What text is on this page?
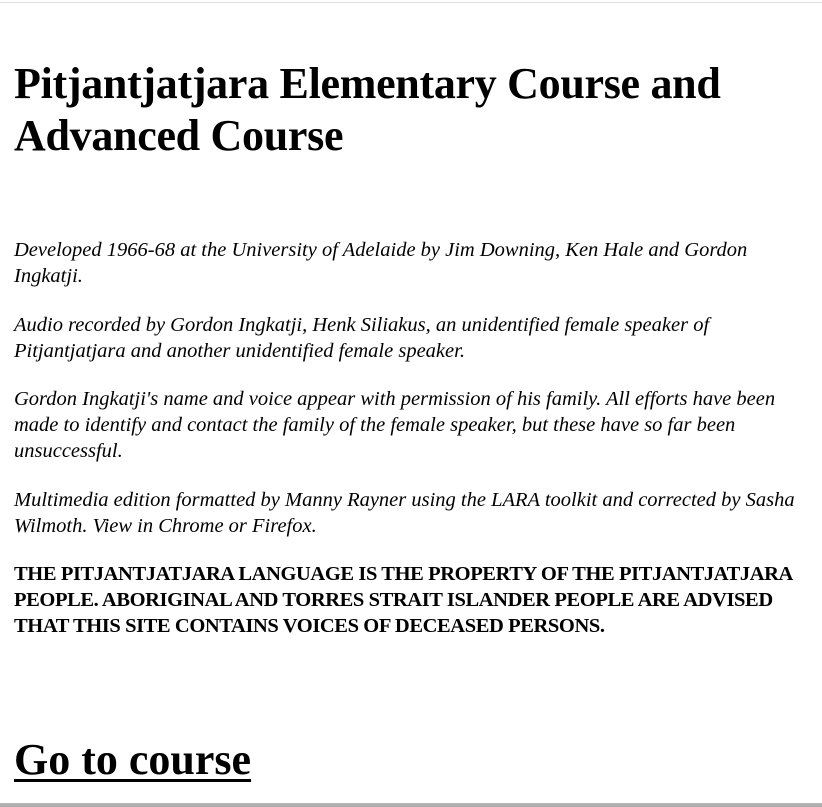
Pitjantjatjara Elementary Course and Advanced Course

Developed 1966-68 at the University of Adelaide by Jim Downing, Ken Hale and Gordon Ingkatji.

Audio recorded by Gordon Ingkatji, Henk Siliakus, an unidentified female speaker of Pitjantjatjara and another unidentified female speaker.

Gordon Ingkatji's name and voice appear with permission of his family. All efforts have been made to identify and contact the family of the female speaker, but these have so far been unsuccessful.

Multimedia edition formatted by Manny Rayner using the LARA toolkit and corrected by Sasha Wilmoth. View in Chrome or Firefox.

THE PITJANTJATJARA LANGUAGE IS THE PROPERTY OF THE PITJANTJATJARA PEOPLE. ABORIGINAL AND TORRES STRAIT ISLANDER PEOPLE ARE ADVISED THAT THIS SITE CONTAINS VOICES OF DECEASED PERSONS.

Go to course
